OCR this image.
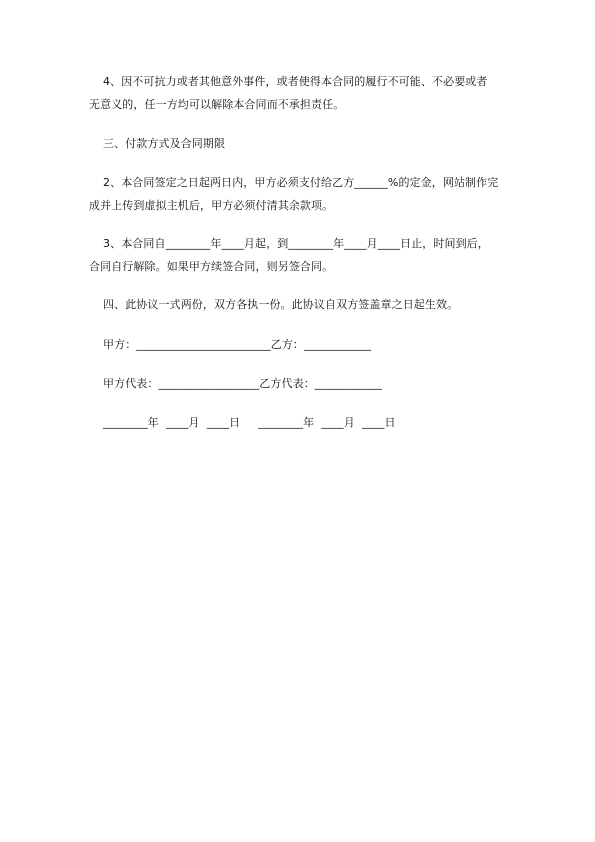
4、因不可抗力或者其他意外事件，或者使得本合同的履行不可能、不必要或者
无意义的，任一方均可以解除本合同而不承担责任。
三、付款方式及合同期限
2、本合同签定之日起两日内，甲方必须支付给乙方______%的定金，网站制作完
成并上传到虚拟主机后，甲方必须付清其余款项。
3、本合同自________年____月起，到________年____月____日止，时间到后，
合同自行解除。如果甲方续签合同，则另签合同。
四、此协议一式两份，双方各执一份。此协议自双方签盖章之日起生效。
甲方：________________________乙方：____________
甲方代表：__________________乙方代表：____________
________年  ____月  ____日     ________年  ____月  ____日
